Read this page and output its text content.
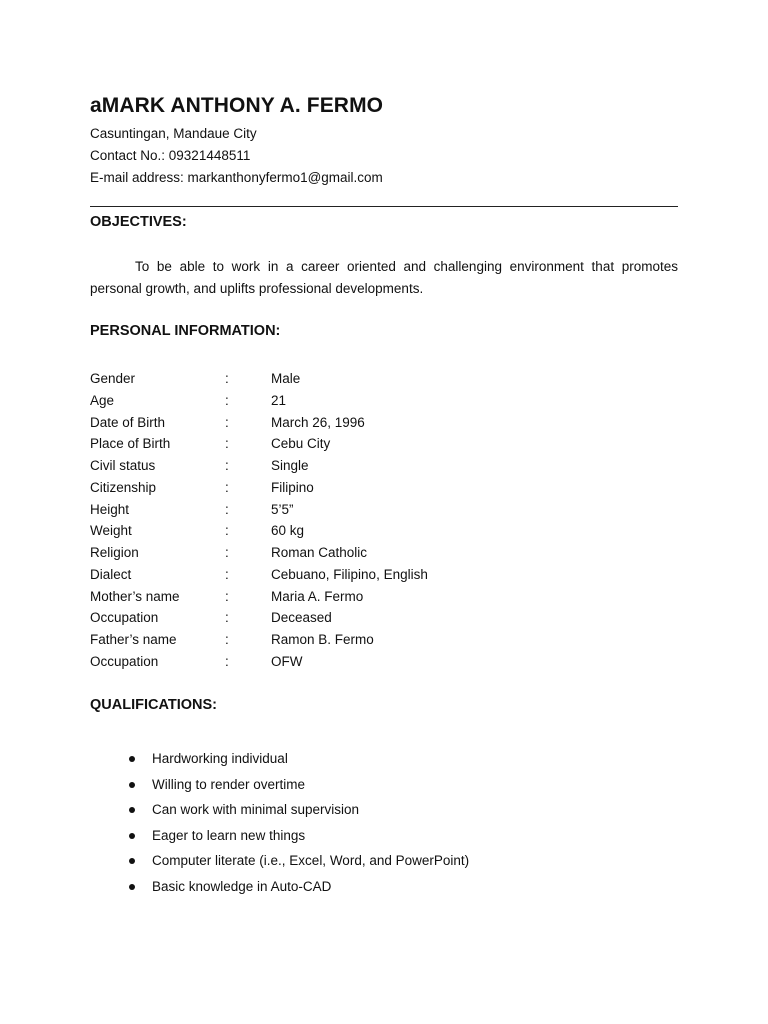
aMARK ANTHONY A. FERMO
Casuntingan, Mandaue City
Contact No.: 09321448511
E-mail address: markanthonyfermo1@gmail.com
OBJECTIVES:
To be able to work in a career oriented and challenging environment that promotes personal growth, and uplifts professional developments.
PERSONAL INFORMATION:
Gender	:	Male
Age	:	21
Date of Birth	:	March 26, 1996
Place of Birth	:	Cebu City
Civil status	:	Single
Citizenship	:	Filipino
Height	:	5’5”
Weight	:	60 kg
Religion	:	Roman Catholic
Dialect	:	Cebuano, Filipino, English
Mother’s name	:	Maria A. Fermo
Occupation	:	Deceased
Father’s name	:	Ramon B. Fermo
Occupation	:	OFW
QUALIFICATIONS:
Hardworking individual
Willing to render overtime
Can work with minimal supervision
Eager to learn new things
Computer literate (i.e., Excel, Word, and PowerPoint)
Basic knowledge in Auto-CAD
